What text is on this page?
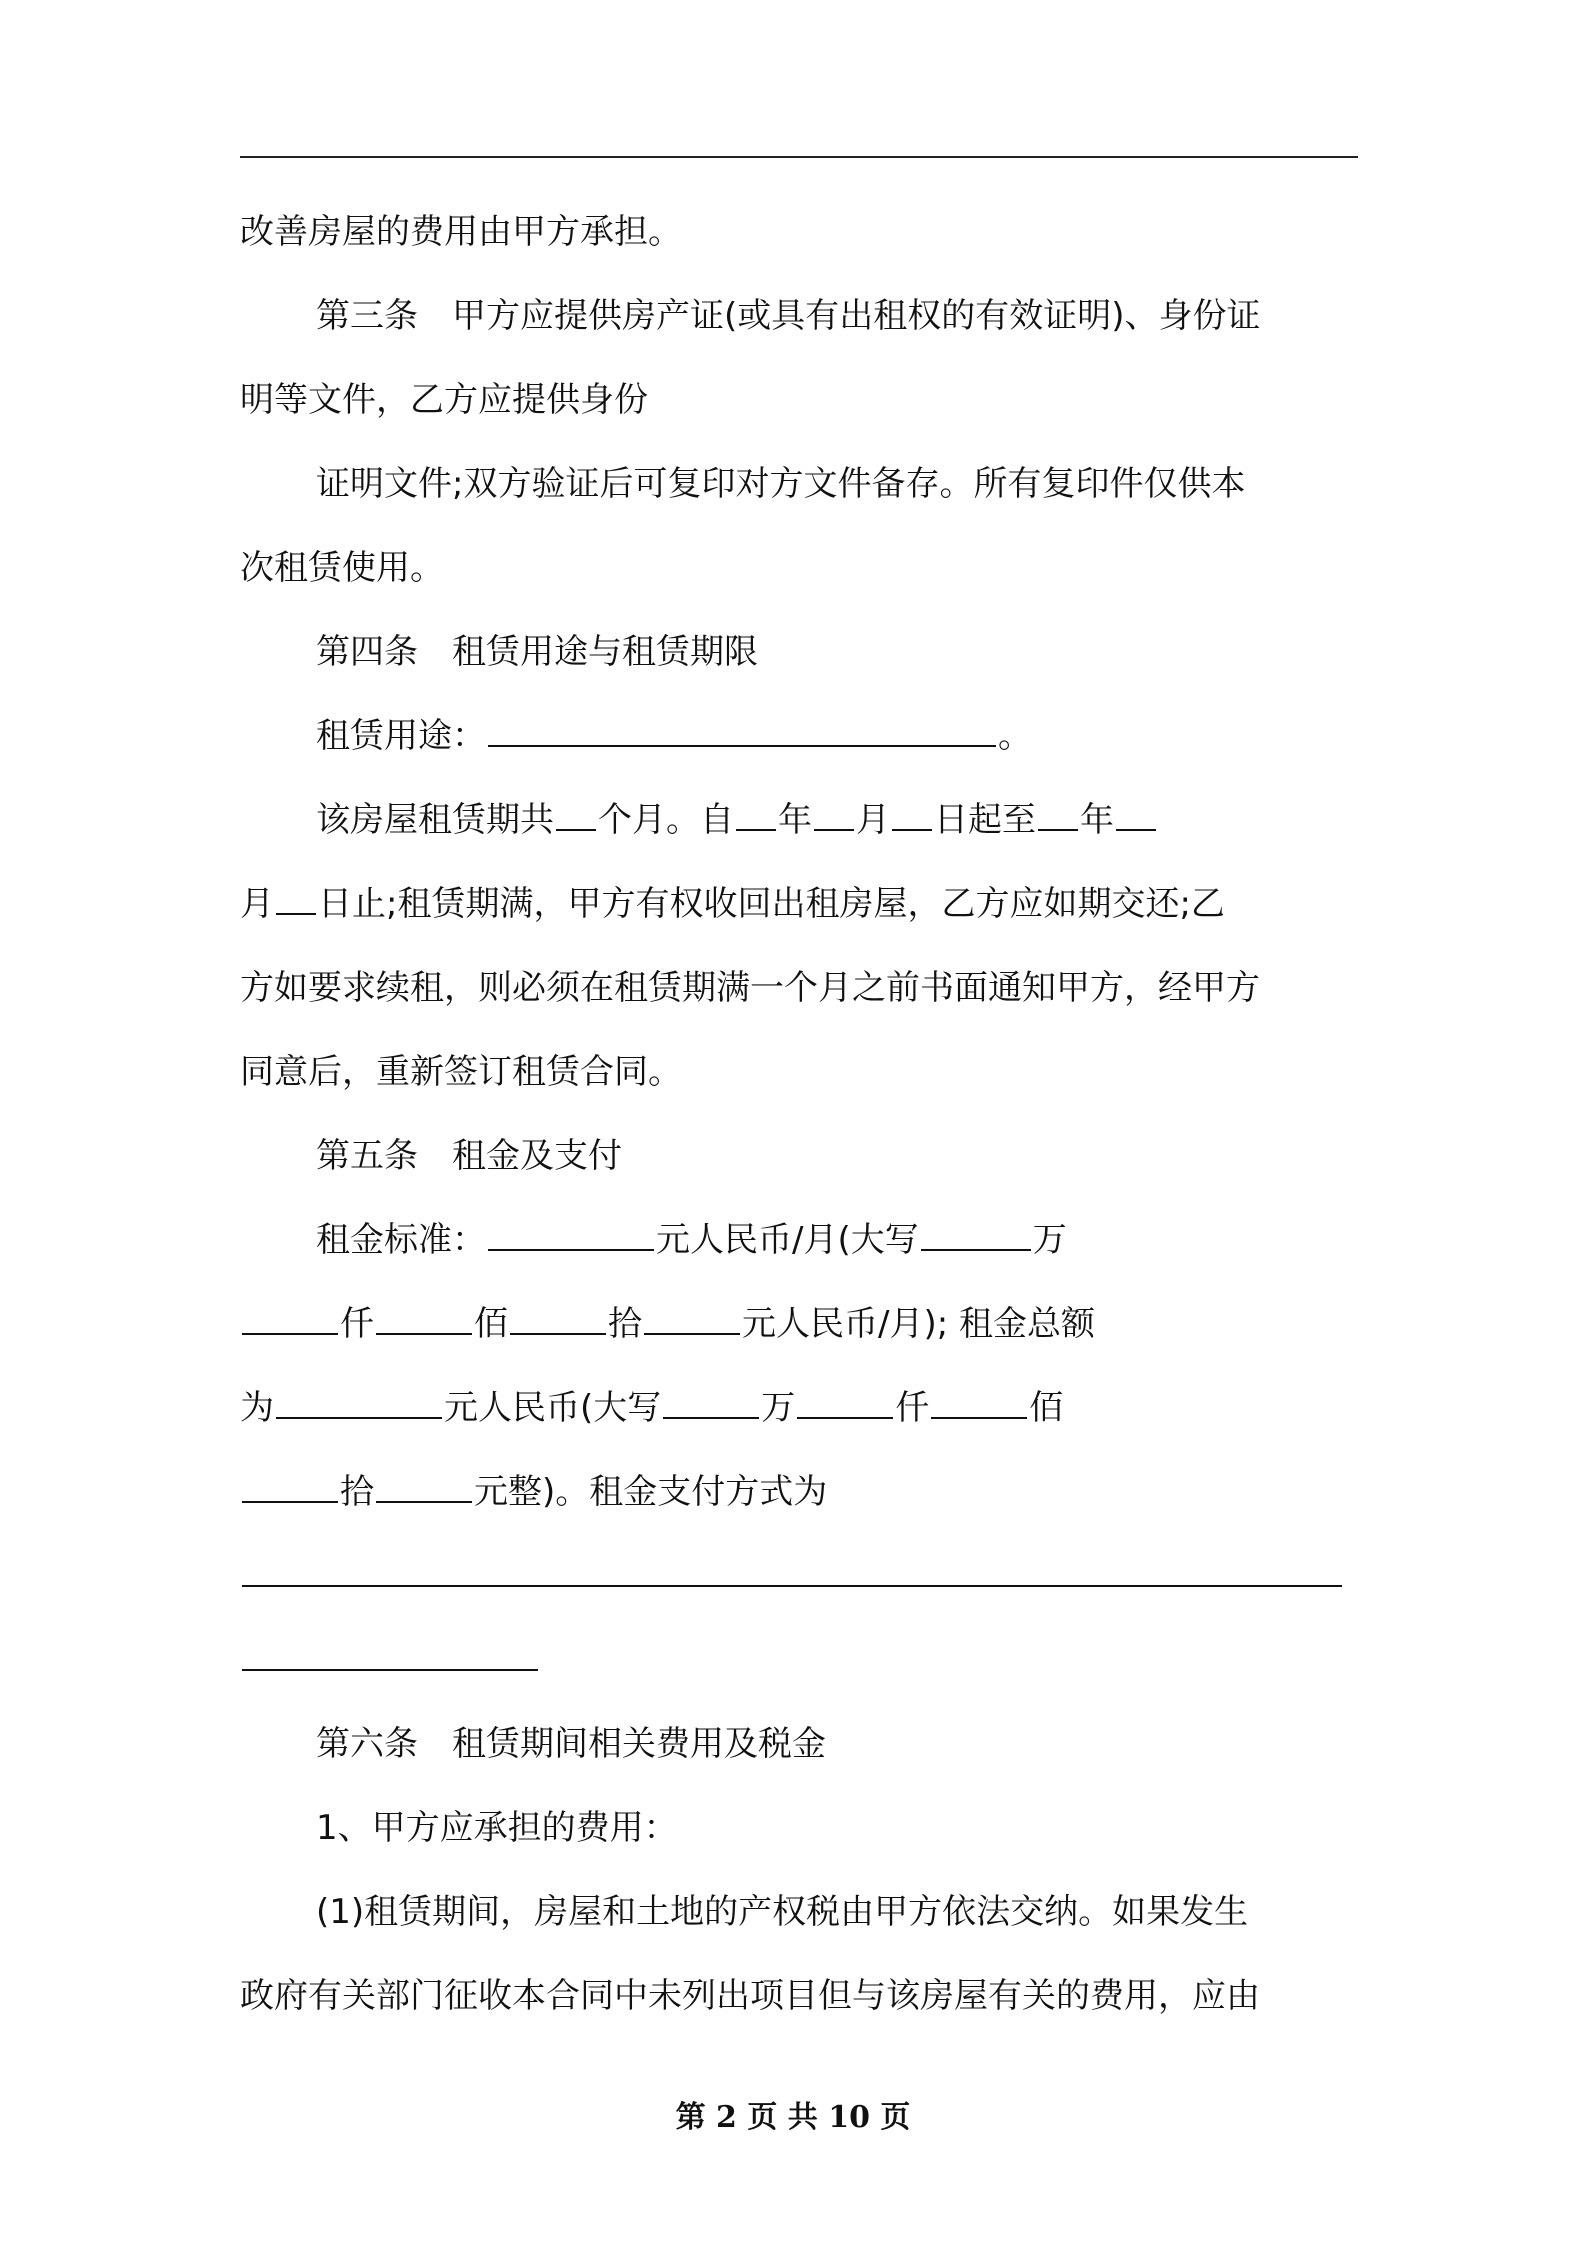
改善房屋的费用由甲方承担。
第三条　甲方应提供房产证(或具有出租权的有效证明)、身份证
明等文件，乙方应提供身份
证明文件;双方验证后可复印对方文件备存。所有复印件仅供本
次租赁使用。
第四条　租赁用途与租赁期限
租赁用途：	。
该房屋租赁期共 个月。自 年 月 日起至 年
月 日止;租赁期满，甲方有权收回出租房屋，乙方应如期交还;乙
方如要求续租，则必须在租赁期满一个月之前书面通知甲方，经甲方
同意后，重新签订租赁合同。
第五条　租金及支付
租金标准：	元人民币/月(大写	万
仟	佰	拾	元人民币/月); 租金总额
为	元人民币(大写	万	仟	佰
拾	元整)。租金支付方式为
第六条　租赁期间相关费用及税金
1、甲方应承担的费用：
(1)租赁期间，房屋和土地的产权税由甲方依法交纳。如果发生
政府有关部门征收本合同中未列出项目但与该房屋有关的费用，应由
第 2 页 共 10 页
